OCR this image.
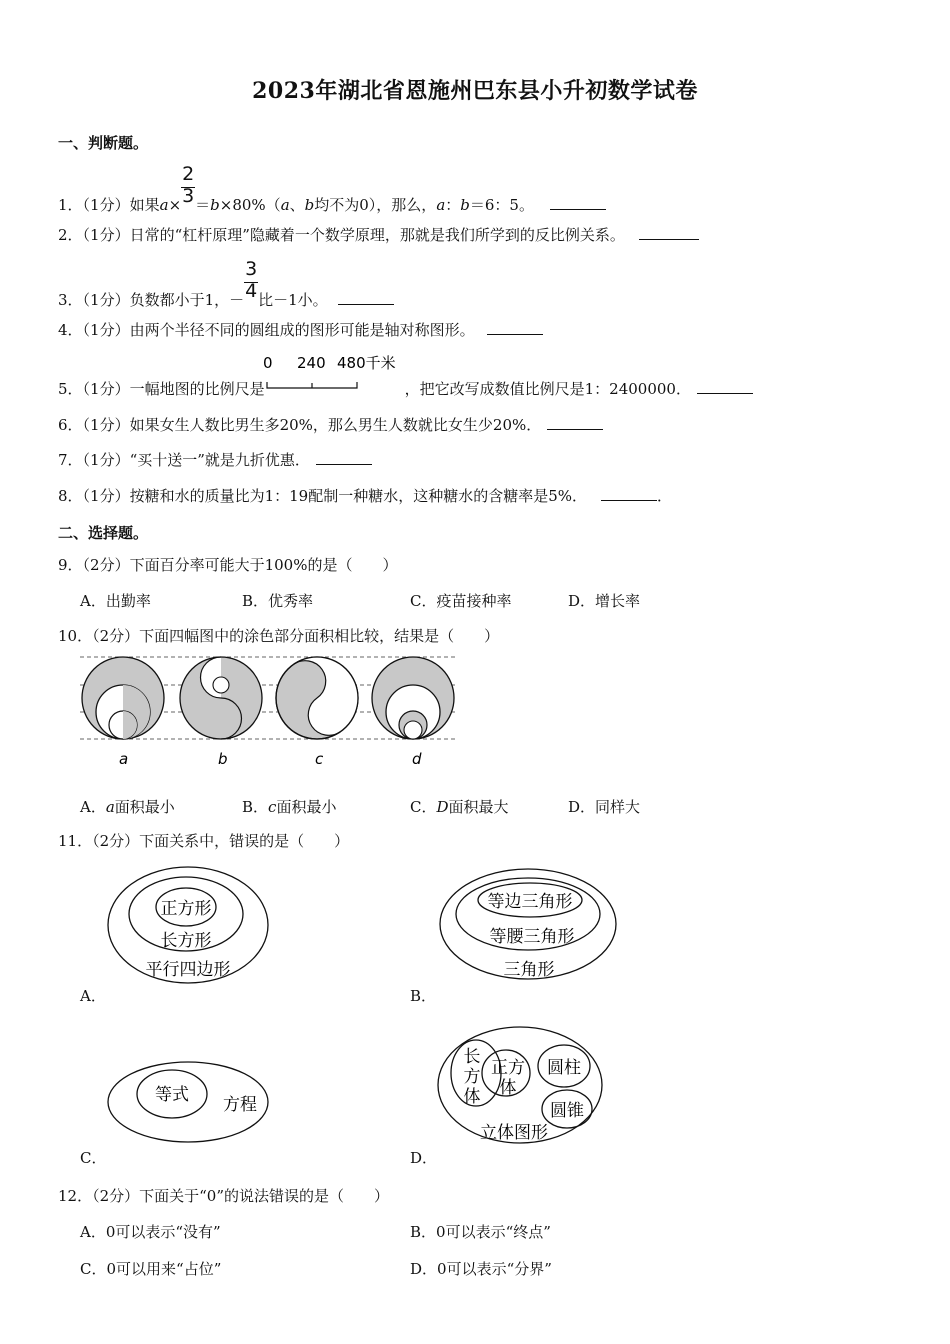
2023年湖北省恩施州巴东县小升初数学试卷
一、判断题。
1．（1分）如果$a\times \frac{2}{3} =b\times 80\%(a$、b均不为0），那么，a：b＝6：5。
2．（1分）日常的“杠杆原理”隐藏着一个数学原理，那就是我们所学到的反比例关系。
3．（1分）负数都小于1，－ $\frac{3}{4}$ 比－1小。
4．（1分）由两个半径不同的圆组成的图形可能是轴对称图形。
5．（1分）一幅地图的比例尺是
0 240 480千米
，把它改写成数值比例尺是1：2400000．
6．（1分）如果女生人数比男生多20%，那么男生人数就比女生少20%．
7．（1分）“买十送一”就是九折优惠．
8．（1分）按糖和水的质量比为1：19配制一种糖水，这种糖水的含糖率是5%．	．
二、选择题。
9．（2分）下面百分率可能大于100%的是（　　）
A．出勤率	B．优秀率	C．疫苗接种率	D．增长率
10．（2分）下面四幅图中的涂色部分面积相比较，结果是（　　）
a	b	c	d
A．a面积最小	B．c面积最小	C．D面积最大	D．同样大
11．（2分）下面关系中，错误的是（　　）
正方形
长方形
平行四边形
A．
等边三角形
等腰三角形
三角形
B．
等式 方程
C．
长
方
体
正方
体
圆柱
圆锥
立体图形
D．
12．（2分）下面关于“0”的说法错误的是（　　）
A．0可以表示“没有”	B．0可以表示“终点”
C．0可以用来“占位”	D．0可以表示“分界”
